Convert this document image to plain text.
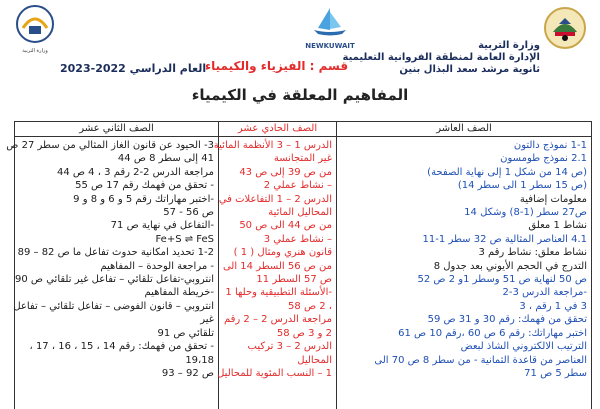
NEWKUWAIT
وزارة التربية	وزارة التربية
الإدارة العامة لمنطقة الفروانية التعليمية
ثانوية مرشد سعد البذال بنين
قسم : الفيزياء والكيمياء
العام الدراسي 2022-2023
المفاهيم المعلقة في الكيمياء
الصف الثاني عشر
3- الحيود عن قانون الغاز المثالي من سطر 27 ص
41 إلى سطر 8 ص 44
مراجعة الدرس 2-2 رقم 3 ، 4 ص 44
- تحقق من فهمك رقم 17 ص 55
-اختبر مهاراتك رقم 5 و 6 و 8 و 9
ص 56 - 57
-التفاعل في نهاية ص 71
Fe+S ⇌ FeS
1-2 تحديد امكانية حدوث تفاعل ما ص 82 – 89
- مراجعة الوحدة – المفاهيم
انتروبي-تفاعل تلقائي – تفاعل غير تلقائي ص 90
-خريطة المفاهيم
انتروبي – قانون الفوضى – تفاعل تلقائي – تفاعل
غير
تلقائي ص 91
- تحقق من فهمك: رقم 14 ، 15 ، 16 ، 17 ،
19،18
ص 92 – 93
الصف الحادي عشر
الدرس 1 – 3 الأنظمة المائية
غير المتجانسة
من ص 39 إلى ص 43
– نشاط عملي 2
الدرس 2 – 1 التفاعلات في
المحاليل المائية
من ص 44 الى ص 50
– نشاط عملي 3
قانون هنري ومثال ( 1 )
من ص 56 السطر 14 الى
ص 57 السطر 11
-الأسئلة التطبيقية وحلها 1
، 2 ص 58
مراجعة الدرس 2 – 2 رقم
2 و 3 ص 58
الدرس 2 – 3 تركيب
المحاليل
1 – النسب المئوية للمحاليل
الصف العاشر
1-1 نموذج دالتون
2.1 نموذج طومسون
(ص 14 من شكل 1 إلى نهاية الصفحة)
(ص 15 سطر 1 الى سطر 14)
معلومات إضافية
ص27 سطر (1-8) وشكل 14
نشاط 1 معلق
4.1 العناصر المثالية ص 32 سطر 1-11
نشاط معلق: نشاط رقم 3
التدرج في الحجم الأيوني بعد جدول 8
ص 50 لنهاية ص 51 وسطر 1و 2 ص 52
-مراجعة الدرس 3-2
3 في 1 رقم ، 3
تحقق من فهمك: رقم 30 و 31 ص 59
اختبر مهاراتك: رقم 6 ص 60 ،رقم 10 ص 61
الترتيب الالكتروني الشاذ لبعض
العناصر من قاعدة الثمانية - من سطر 8 ص 70 الى
سطر 5 ص 71
